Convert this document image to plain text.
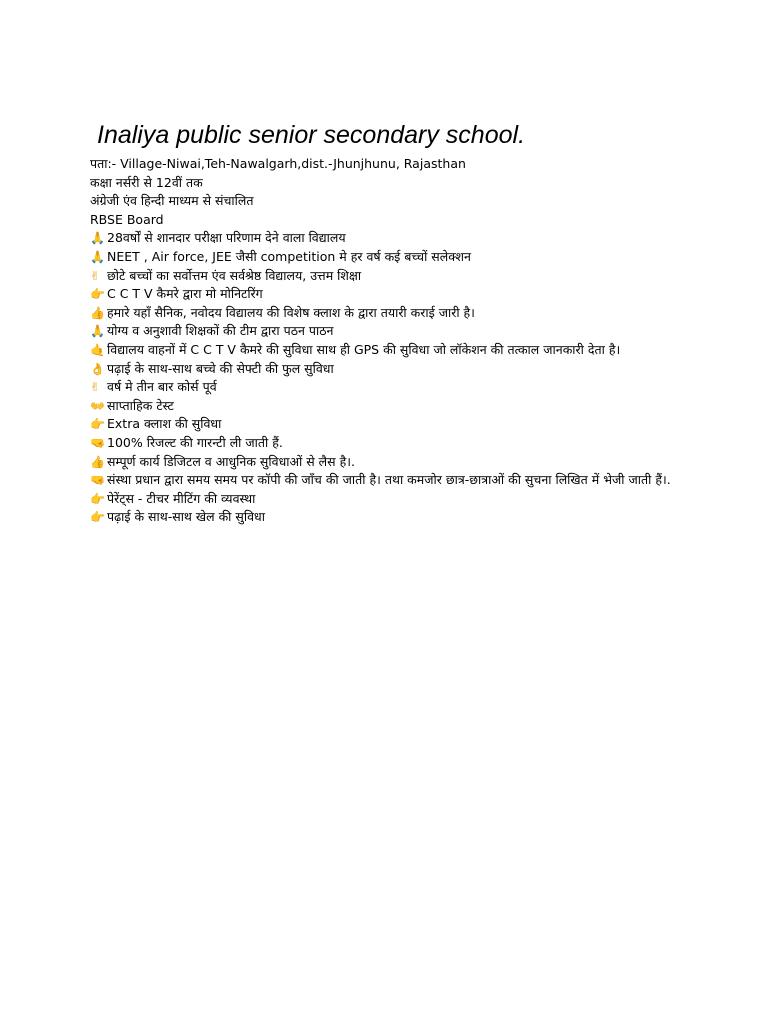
Inaliya public senior secondary school.

पता:- Village-Niwai,Teh-Nawalgarh,dist.-Jhunjhunu, Rajasthan

कक्षा नर्सरी से 12वीं तक

अंग्रेजी एंव हिन्दी माध्यम से संचालित

RBSE Board

🙏 28वर्षों से शानदार परीक्षा परिणाम देने वाला विद्यालय

🙏 NEET , Air force, JEE जैसी competition मे हर वर्ष कई बच्चों सलेक्शन

✌ छोटे बच्चों का सर्वोत्तम एंव सर्वश्रेष्ठ विद्यालय, उत्तम शिक्षा

👉 C C T V कैमरे द्वारा मो मोनिटरिंग

👍 हमारे यहाँ सैनिक, नवोदय विद्यालय की विशेष क्लाश के द्वारा तयारी कराई जारी है।

🙏 योग्य व अनुशावी शिक्षकों की टीम द्वारा पठन पाठन

🤙 विद्यालय वाहनों में C C T V कैमरे की सुविधा साथ ही GPS की सुविधा जो लॉकेशन की तत्काल जानकारी देता है।

👌 पढ़ाई के साथ-साथ बच्चे की सेफ्टी की फुल सुविधा

✌ वर्ष मे तीन बार कोर्स पूर्व

👐 साप्ताहिक टेस्ट

👉 Extra क्लाश की सुविधा

🤜 100% रिजल्ट की गारन्टी ली जाती हैं.

👍 सम्पूर्ण कार्य डिजिटल व आधुनिक सुविधाओं से लैस है।.

🤜 संस्था प्रधान द्वारा समय समय पर कॉपी की जाँच की जाती है। तथा कमजोर छात्र-छात्राओं की सुचना लिखित में भेजी जाती हैं।.

👉 पेरेंट्स - टीचर मीटिंग की व्यवस्था

👉 पढ़ाई के साथ-साथ खेल की सुविधा
